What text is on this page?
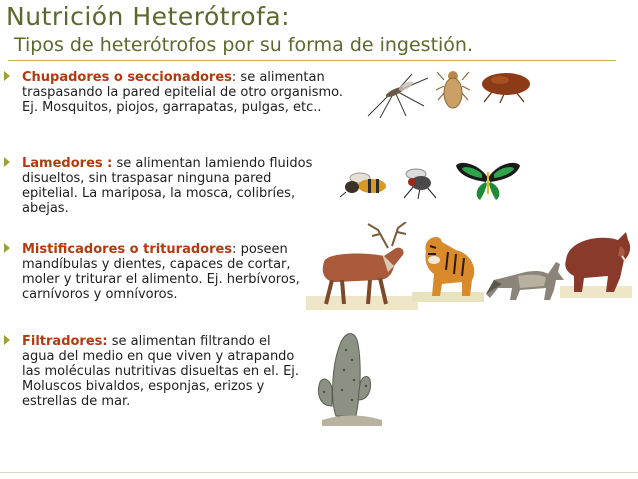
Nutrición Heterótrofa:
Tipos de heterótrofos por su forma de ingestión.
Chupadores o seccionadores: se alimentan traspasando la pared epitelial de otro organismo. Ej. Mosquitos, piojos, garrapatas, pulgas, etc..
Lamedores : se alimentan lamiendo fluidos disueltos, sin traspasar ninguna pared epitelial. La mariposa, la mosca, colibríes, abejas.
Mistificadores o trituradores: poseen mandíbulas y dientes, capaces de cortar, moler y triturar el alimento. Ej. herbívoros, carnívoros y omnívoros.
Filtradores: se alimentan filtrando el agua del medio en que viven y atrapando las moléculas nutritivas disueltas en el. Ej. Moluscos bivaldos, esponjas, erizos y estrellas de mar.
